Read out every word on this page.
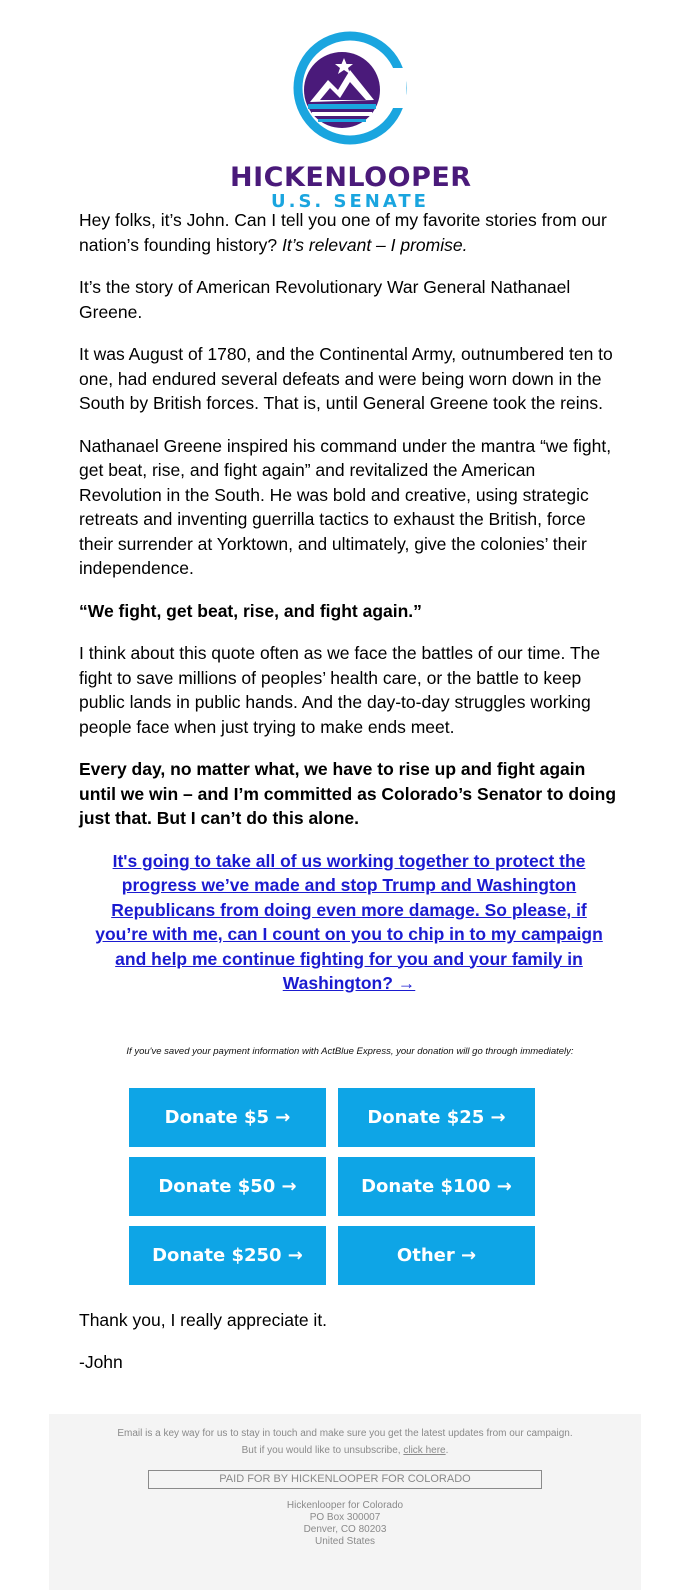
HICKENLOOPER
U.S. SENATE

Hey folks, it’s John. Can I tell you one of my favorite stories from our nation’s founding history? It’s relevant – I promise.

It’s the story of American Revolutionary War General Nathanael Greene.

It was August of 1780, and the Continental Army, outnumbered ten to one, had endured several defeats and were being worn down in the South by British forces. That is, until General Greene took the reins.

Nathanael Greene inspired his command under the mantra “we fight, get beat, rise, and fight again” and revitalized the American Revolution in the South. He was bold and creative, using strategic retreats and inventing guerrilla tactics to exhaust the British, force their surrender at Yorktown, and ultimately, give the colonies’ their independence.

“We fight, get beat, rise, and fight again.”

I think about this quote often as we face the battles of our time. The fight to save millions of peoples’ health care, or the battle to keep public lands in public hands. And the day-to-day struggles working people face when just trying to make ends meet.

Every day, no matter what, we have to rise up and fight again until we win – and I’m committed as Colorado’s Senator to doing just that. But I can’t do this alone.

It's going to take all of us working together to protect the progress we’ve made and stop Trump and Washington Republicans from doing even more damage. So please, if you’re with me, can I count on you to chip in to my campaign and help me continue fighting for you and your family in Washington? →

If you've saved your payment information with ActBlue Express, your donation will go through immediately:
Donate $5 →	Donate $25 →
Donate $50 →	Donate $100 →
Donate $250 →	Other →

Thank you, I really appreciate it.

-John

Email is a key way for us to stay in touch and make sure you get the latest updates from our campaign.
But if you would like to unsubscribe, click here.
PAID FOR BY HICKENLOOPER FOR COLORADO
Hickenlooper for Colorado
PO Box 300007
Denver, CO 80203
United States
